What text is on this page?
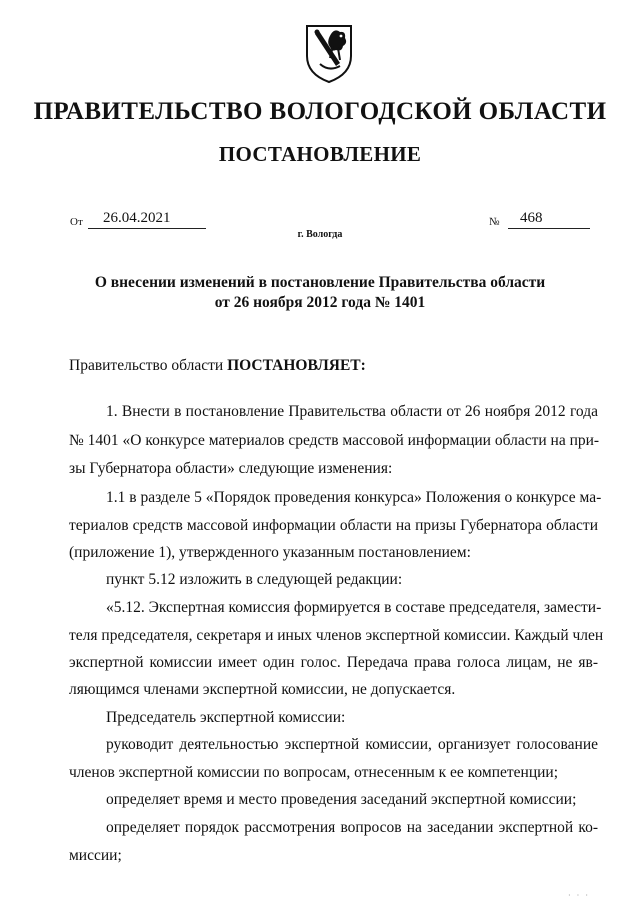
ПРАВИТЕЛЬСТВО ВОЛОГОДСКОЙ ОБЛАСТИ
ПОСТАНОВЛЕНИЕ
От 26.04.2021	№ 468
г. Вологда
О внесении изменений в постановление Правительства области
от 26 ноября 2012 года № 1401
Правительство области ПОСТАНОВЛЯЕТ:
1. Внести в постановление Правительства области от 26 ноября 2012 года
№ 1401 «О конкурсе материалов средств массовой информации области на при-
зы Губернатора области» следующие изменения:
1.1 в разделе 5 «Порядок проведения конкурса» Положения о конкурсе ма-
териалов средств массовой информации области на призы Губернатора области
(приложение 1), утвержденного указанным постановлением:
пункт 5.12 изложить в следующей редакции:
«5.12. Экспертная комиссия формируется в составе председателя, замести-
теля председателя, секретаря и иных членов экспертной комиссии. Каждый член
экспертной комиссии имеет один голос. Передача права голоса лицам, не яв-
ляющимся членами экспертной комиссии, не допускается.
Председатель экспертной комиссии:
руководит деятельностью экспертной комиссии, организует голосование
членов экспертной комиссии по вопросам, отнесенным к ее компетенции;
определяет время и место проведения заседаний экспертной комиссии;
определяет порядок рассмотрения вопросов на заседании экспертной ко-
миссии;
· · ·
